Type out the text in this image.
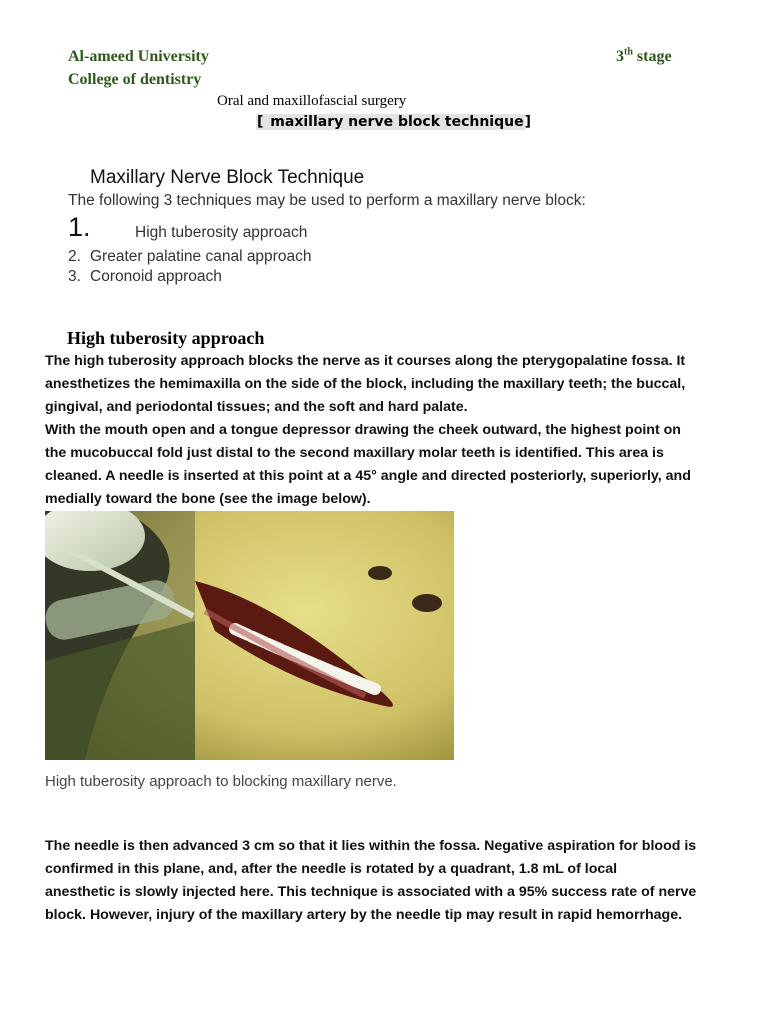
Al-ameed University
College of dentistry
3th stage
Oral and maxillofascial surgery
[ maxillary nerve block technique]
Maxillary Nerve Block Technique
The following 3 techniques may be used to perform a maxillary nerve block:
1.	High tuberosity approach
2. Greater palatine canal approach
3. Coronoid approach
High tuberosity approach
The high tuberosity approach blocks the nerve as it courses along the pterygopalatine fossa. It
anesthetizes the hemimaxilla on the side of the block, including the maxillary teeth; the buccal,
gingival, and periodontal tissues; and the soft and hard palate.
With the mouth open and a tongue depressor drawing the cheek outward, the highest point on
the mucobuccal fold just distal to the second maxillary molar teeth is identified. This area is
cleaned. A needle is inserted at this point at a 45° angle and directed posteriorly, superiorly, and
medially toward the bone (see the image below).
High tuberosity approach to blocking maxillary nerve.
The needle is then advanced 3 cm so that it lies within the fossa. Negative aspiration for blood is
confirmed in this plane, and, after the needle is rotated by a quadrant, 1.8 mL of local
anesthetic is slowly injected here. This technique is associated with a 95% success rate of nerve
block. However, injury of the maxillary artery by the needle tip may result in rapid hemorrhage.
